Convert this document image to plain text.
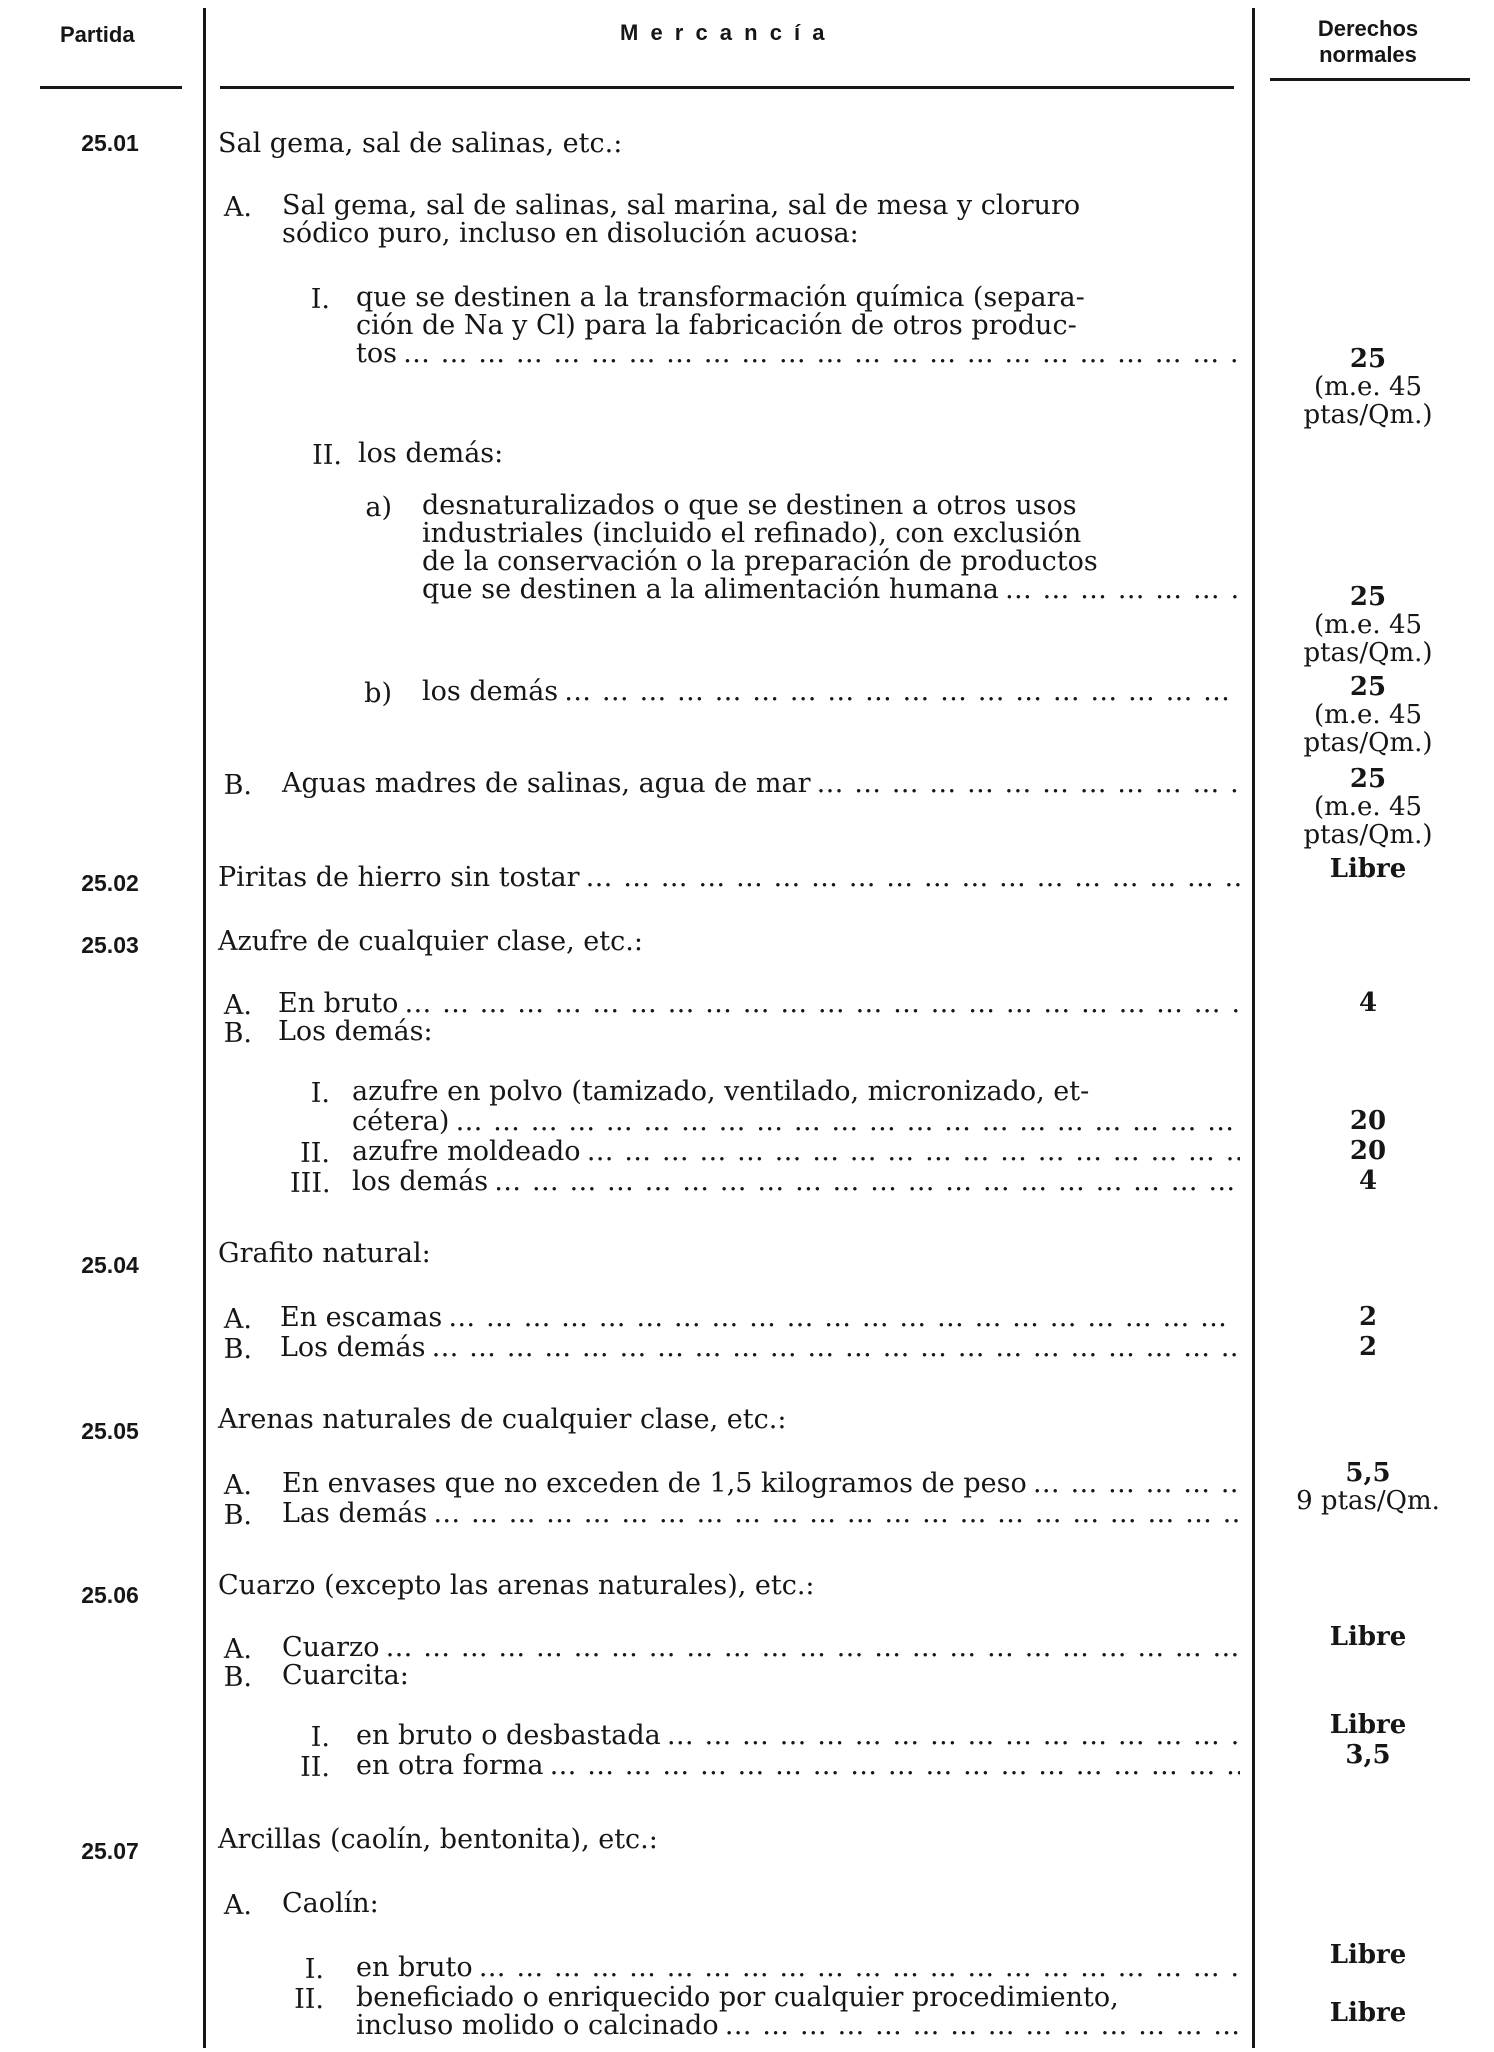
Partida	M e r c a n c í a	Derechos
normales
25.01	Sal gema, sal de salinas, etc.:
A. Sal gema, sal de salinas, sal marina, sal de mesa y cloruro
sódico puro, incluso en disolución acuosa:
I. que se destinen a la transformación química (separa-
ción de Na y Cl) para la fabricación de otros produc-
tos … … … … … … … … … … … … … … … … … … … … … … … … … … … … … … … … … … … … … … … … … … … … … … … …	25
(m.e. 45
ptas/Qm.)
II. los demás:
a) desnaturalizados o que se destinen a otros usos
industriales (incluido el refinado), con exclusión
de la conservación o la preparación de productos
que se destinen a la alimentación humana … … … … … … … … … … … … … … … … … … … … … … … … … … … … … … … … … … … … … … … … … … … … … … … …	25
(m.e. 45
ptas/Qm.)
b) los demás … … … … … … … … … … … … … … … … … … … … … … … … … … … … … … … … … … … … … … … … … … … … … … … …	25
(m.e. 45
ptas/Qm.)
B. Aguas madres de salinas, agua de mar … … … … … … … … … … … … … … … … … … … … … … … … … … … … … … … … … … … … … … … … … … … … … … … …	25
(m.e. 45
ptas/Qm.)
25.02	Piritas de hierro sin tostar … … … … … … … … … … … … … … … … … … … … … … … … … … … … … … … … … … … … … … … … … … … … … … … …	Libre
25.03	Azufre de cualquier clase, etc.:
A. En bruto … … … … … … … … … … … … … … … … … … … … … … … … … … … … … … … … … … … … … … … … … … … … … … … …	4
B. Los demás:
I. azufre en polvo (tamizado, ventilado, micronizado, et-
cétera) … … … … … … … … … … … … … … … … … … … … … … … … … … … … … … … … … … … … … … … … … … … … … … … …	20
II. azufre moldeado … … … … … … … … … … … … … … … … … … … … … … … … … … … … … … … … … … … … … … … … … … … … … … … …	20
III. los demás … … … … … … … … … … … … … … … … … … … … … … … … … … … … … … … … … … … … … … … … … … … … … … … …	4
25.04	Grafito natural:
A. En escamas … … … … … … … … … … … … … … … … … … … … … … … … … … … … … … … … … … … … … … … … … … … … … … … …	2
B. Los demás … … … … … … … … … … … … … … … … … … … … … … … … … … … … … … … … … … … … … … … … … … … … … … … …	2
25.05	Arenas naturales de cualquier clase, etc.:
A. En envases que no exceden de 1,5 kilogramos de peso … … … … … … … … … … … … … … … … … … … … … … … … … … … … … … … … … … … … … … … … … … … … … … … …	5,5
B. Las demás … … … … … … … … … … … … … … … … … … … … … … … … … … … … … … … … … … … … … … … … … … … … … … … …	9 ptas/Qm.
25.06	Cuarzo (excepto las arenas naturales), etc.:
A. Cuarzo … … … … … … … … … … … … … … … … … … … … … … … … … … … … … … … … … … … … … … … … … … … … … … … …	Libre
B. Cuarcita:
I. en bruto o desbastada … … … … … … … … … … … … … … … … … … … … … … … … … … … … … … … … … … … … … … … … … … … … … … … …	Libre
II. en otra forma … … … … … … … … … … … … … … … … … … … … … … … … … … … … … … … … … … … … … … … … … … … … … … … …	3,5
25.07	Arcillas (caolín, bentonita), etc.:
A. Caolín:
I. en bruto … … … … … … … … … … … … … … … … … … … … … … … … … … … … … … … … … … … … … … … … … … … … … … … …	Libre
II. beneficiado o enriquecido por cualquier procedimiento,
incluso molido o calcinado … … … … … … … … … … … … … … … … … … … … … … … … … … … … … … … … … … … … … … … … … … … … … … … …	Libre
